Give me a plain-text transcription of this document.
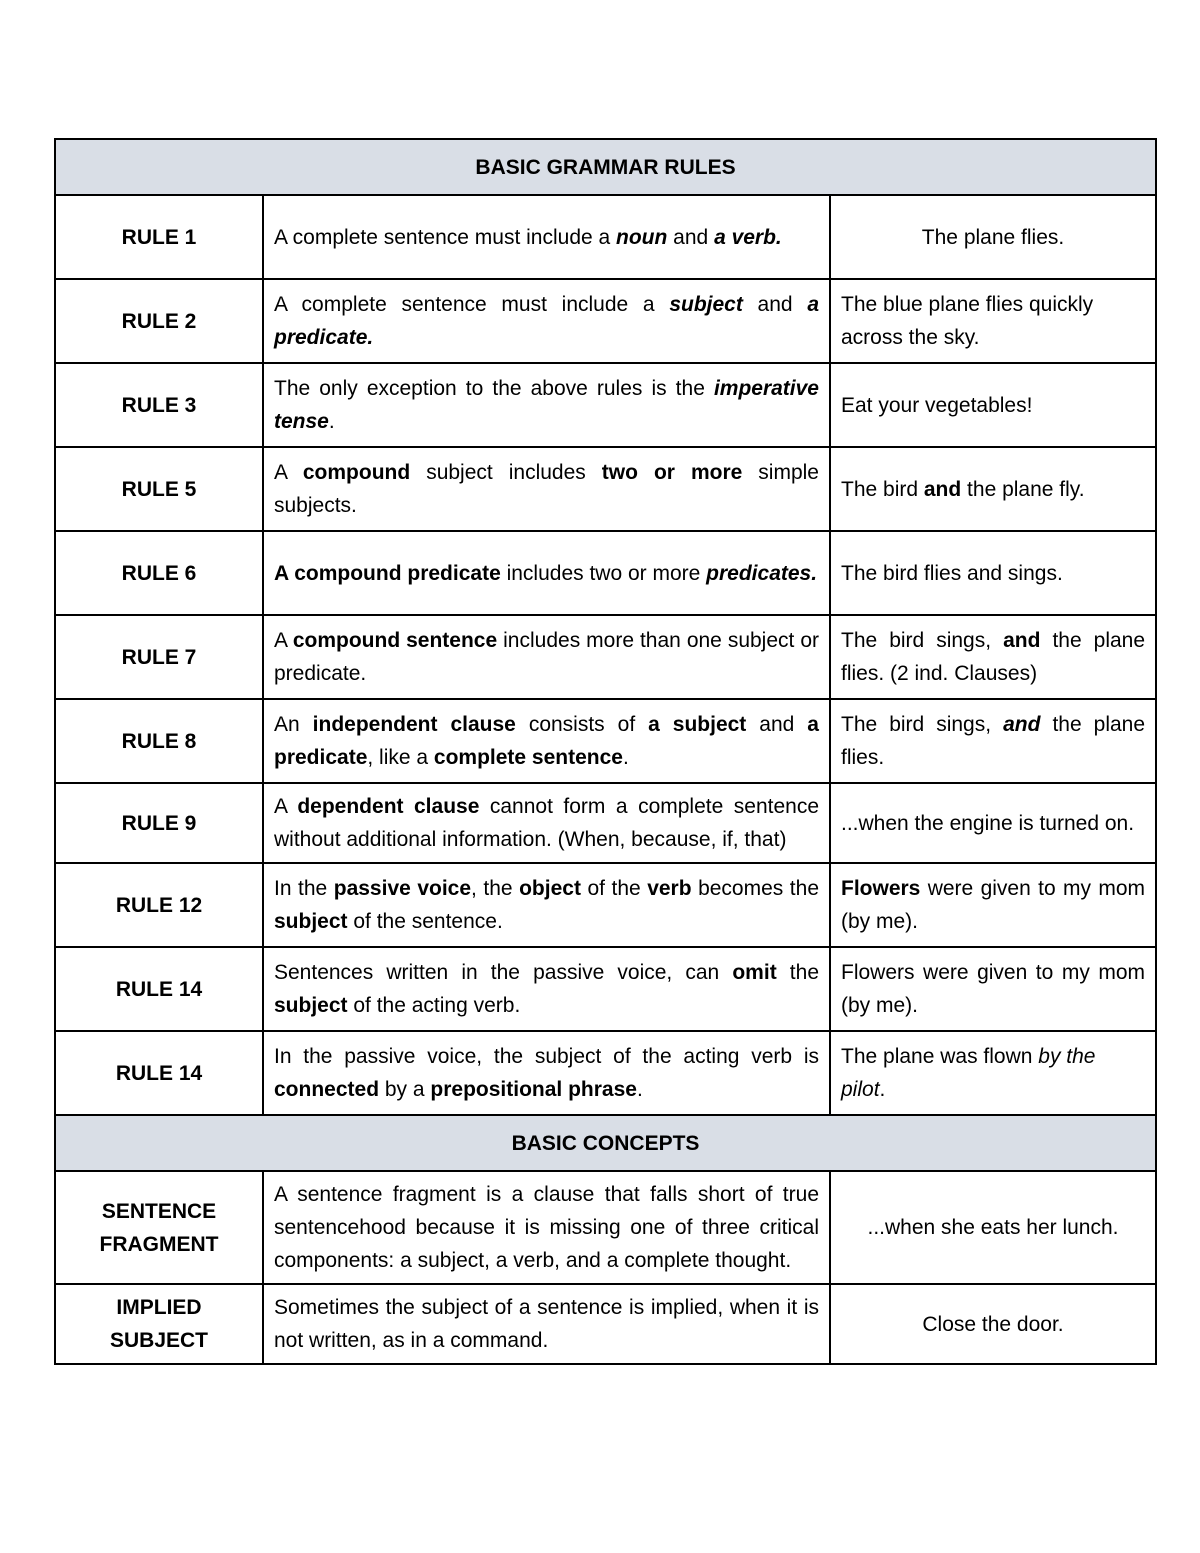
BASIC GRAMMAR RULES		
RULE 1	A complete sentence must include a noun and a verb.	The plane flies.
RULE 2	A complete sentence must include a subject and a predicate.	The blue plane flies quickly across the sky.
RULE 3	The only exception to the above rules is the imperative tense.	Eat your vegetables!
RULE 5	A compound subject includes two or more simple subjects.	The bird and the plane fly.
RULE 6	A compound predicate includes two or more predicates.	The bird flies and sings.
RULE 7	A compound sentence includes more than one subject or predicate.	The bird sings, and the plane flies. (2 ind. Clauses)
RULE 8	An independent clause consists of a subject and a predicate, like a complete sentence.	The bird sings, and the plane flies.
RULE 9	A dependent clause cannot form a complete sentence without additional information. (When, because, if, that)	...when the engine is turned on.
RULE 12	In the passive voice, the object of the verb becomes the subject of the sentence.	Flowers were given to my mom (by me).
RULE 14	Sentences written in the passive voice, can omit the subject of the acting verb.	Flowers were given to my mom (by me).
RULE 14	In the passive voice, the subject of the acting verb is connected by a prepositional phrase.	The plane was flown by the pilot.
BASIC CONCEPTS		
SENTENCE FRAGMENT	A sentence fragment is a clause that falls short of true sentencehood because it is missing one of three critical components: a subject, a verb, and a complete thought.	...when she eats her lunch.
IMPLIED SUBJECT	Sometimes the subject of a sentence is implied, when it is not written, as in a command.	Close the door.
